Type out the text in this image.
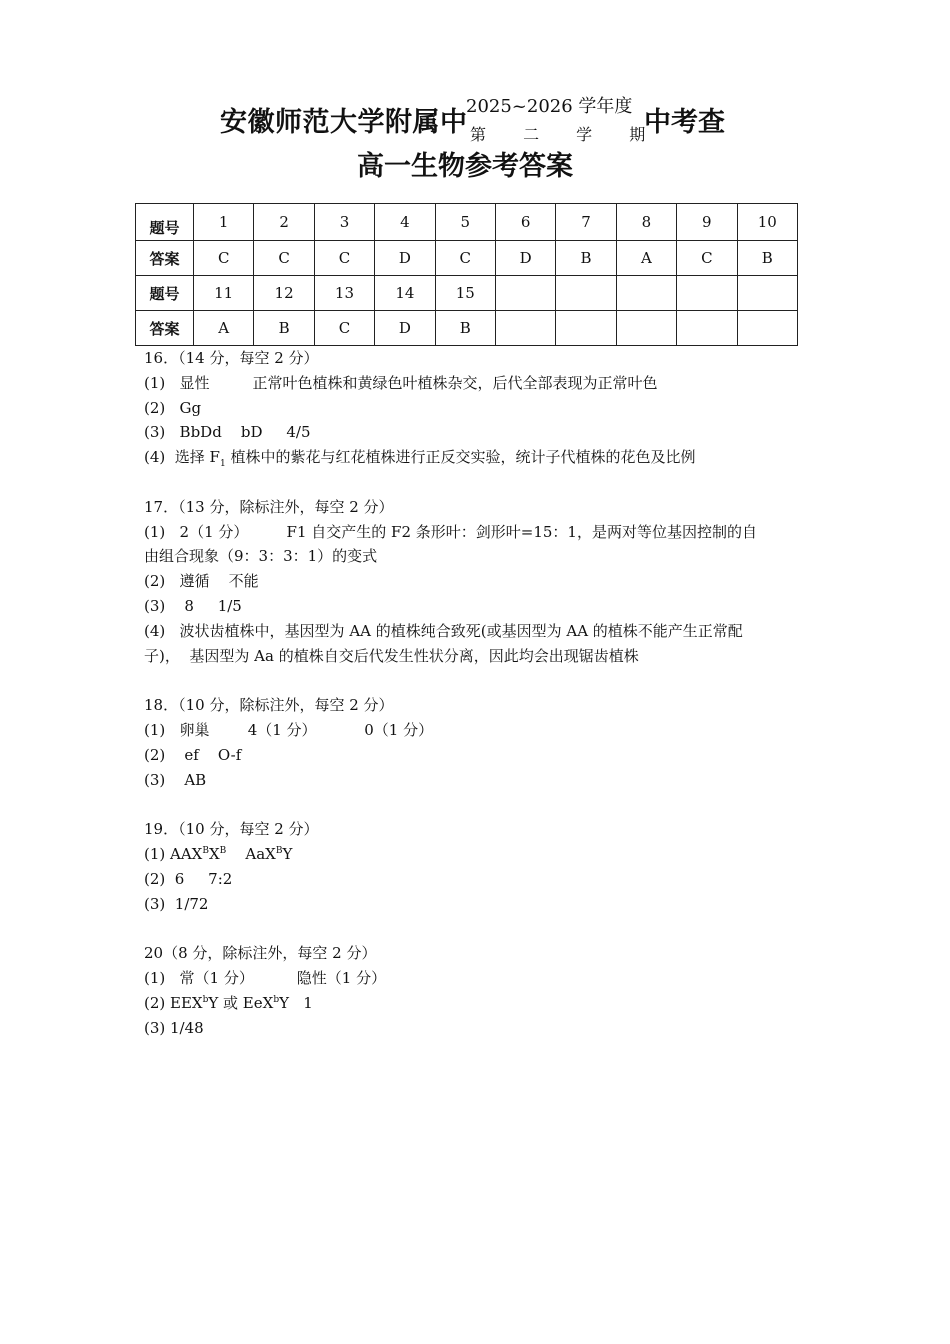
安徽师范大学附属中
2025~2026 学年度
第 二 学 期
中考查
高一生物参考答案
题号	1	2	3	4	5	6	7	8	9	10
答案	C	C	C	D	C	D	B	A	C	B
题号	11	12	13	14	15					
答案	A	B	C	D	B					

16．（14 分，每空 2 分）

(1)   显性         正常叶色植株和黄绿色叶植株杂交，后代全部表现为正常叶色

(2)   Gg

(3)   BbDd    bD     4/5

(4)  选择 $F_1$ 植株中的紫花与红花植株进行正反交实验，统计子代植株的花色及比例

17．（13 分，除标注外，每空 2 分）

(1)   2（1 分）        F1 自交产生的 F2 条形叶：剑形叶=15：1，是两对等位基因控制的自

由组合现象（9：3：3：1）的变式

(2)   遵循    不能

(3)    8     1/5

(4)   波状齿植株中，基因型为 AA 的植株纯合致死(或基因型为 AA 的植株不能产生正常配

子)，  基因型为 Aa 的植株自交后代发生性状分离，因此均会出现锯齿植株

18．（10 分，除标注外，每空 2 分）

(1)   卵巢        4（1 分）          0（1 分）

(2)    ef    O-f

(3)    AB

19．（10 分，每空 2 分）

(1) $AAX^BX^B$    AaX$^B$Y

(2)  6     7:2

(3)  1/72

20（8 分，除标注外，每空 2 分）

(1)   常（1 分）         隐性（1 分）

(2) EEX$^b$Y 或 EeX$^b$Y   1

(3) 1/48
